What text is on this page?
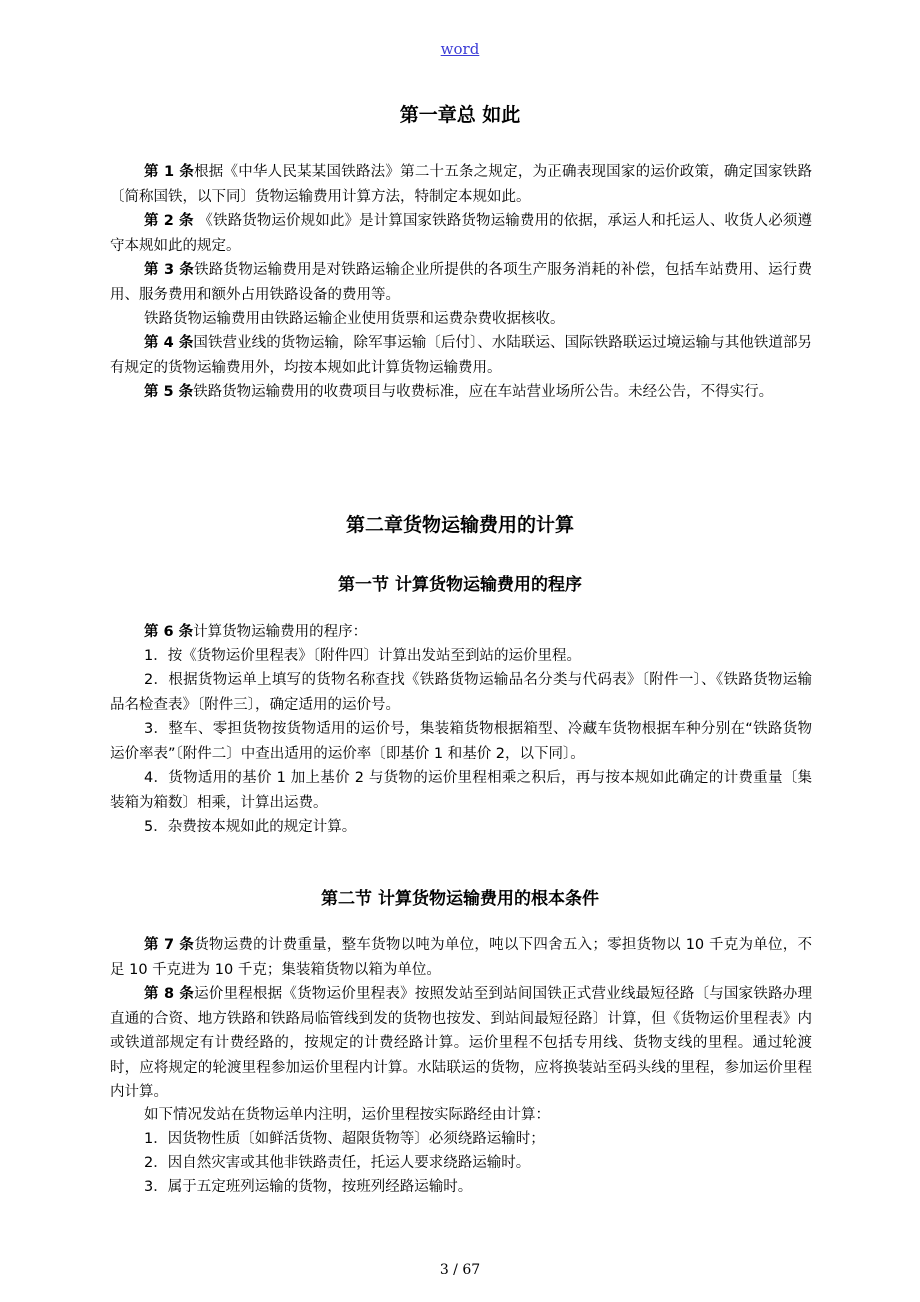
word
第一章总 如此
第 1 条根据《中华人民某某国铁路法》第二十五条之规定，为正确表现国家的运价政策，确定国家铁路〔简称国铁，以下同〕货物运输费用计算方法，特制定本规如此。
第 2 条 《铁路货物运价规如此》是计算国家铁路货物运输费用的依据，承运人和托运人、收货人必须遵守本规如此的规定。
第 3 条铁路货物运输费用是对铁路运输企业所提供的各项生产服务消耗的补偿，包括车站费用、运行费用、服务费用和额外占用铁路设备的费用等。
铁路货物运输费用由铁路运输企业使用货票和运费杂费收据核收。
第 4 条国铁营业线的货物运输，除军事运输〔后付〕、水陆联运、国际铁路联运过境运输与其他铁道部另有规定的货物运输费用外，均按本规如此计算货物运输费用。
第 5 条铁路货物运输费用的收费项目与收费标准，应在车站营业场所公告。未经公告，不得实行。
第二章货物运输费用的计算
第一节 计算货物运输费用的程序
第 6 条计算货物运输费用的程序：
1．按《货物运价里程表》〔附件四〕计算出发站至到站的运价里程。
2．根据货物运单上填写的货物名称查找《铁路货物运输品名分类与代码表》〔附件一〕、《铁路货物运输品名检查表》〔附件三〕，确定适用的运价号。
3．整车、零担货物按货物适用的运价号，集装箱货物根据箱型、冷藏车货物根据车种分别在“铁路货物运价率表”〔附件二〕中查出适用的运价率〔即基价 1 和基价 2，以下同〕。
4．货物适用的基价 1 加上基价 2 与货物的运价里程相乘之积后，再与按本规如此确定的计费重量〔集装箱为箱数〕相乘，计算出运费。
5．杂费按本规如此的规定计算。
第二节 计算货物运输费用的根本条件
第 7 条货物运费的计费重量，整车货物以吨为单位，吨以下四舍五入；零担货物以 10 千克为单位，不足 10 千克进为 10 千克；集装箱货物以箱为单位。
第 8 条运价里程根据《货物运价里程表》按照发站至到站间国铁正式营业线最短径路〔与国家铁路办理直通的合资、地方铁路和铁路局临管线到发的货物也按发、到站间最短径路〕计算，但《货物运价里程表》内或铁道部规定有计费经路的，按规定的计费经路计算。运价里程不包括专用线、货物支线的里程。通过轮渡时，应将规定的轮渡里程参加运价里程内计算。水陆联运的货物，应将换装站至码头线的里程，参加运价里程内计算。
如下情况发站在货物运单内注明，运价里程按实际路经由计算：
1．因货物性质〔如鲜活货物、超限货物等〕必须绕路运输时；
2．因自然灾害或其他非铁路责任，托运人要求绕路运输时。
3．属于五定班列运输的货物，按班列经路运输时。
3 / 67
